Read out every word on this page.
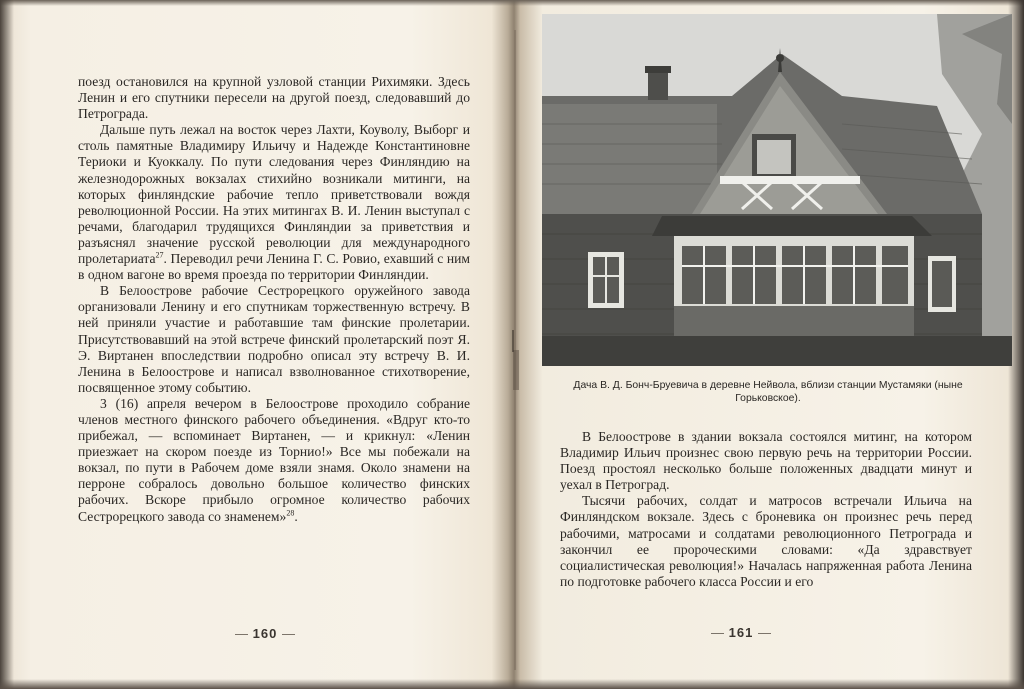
поезд остановился на крупной узловой станции Рихимяки. Здесь Ленин и его спутники пересели на другой поезд, следовавший до Петрограда.

Дальше путь лежал на восток через Лахти, Коуволу, Выборг и столь памятные Владимиру Ильичу и Надежде Константиновне Териоки и Куоккалу. По пути следования через Финляндию на железнодорожных вокзалах стихийно возникали митинги, на которых финляндские рабочие тепло приветствовали вождя революционной России. На этих митингах В. И. Ленин выступал с речами, благодарил трудящихся Финляндии за приветствия и разъяснял значение русской революции для международного пролетариата$^{27}$. Переводил речи Ленина Г. С. Ровио, ехавший с ним в одном вагоне во время проезда по территории Финляндии.

В Белоострове рабочие Сестрорецкого оружейного завода организовали Ленину и его спутникам торжественную встречу. В ней приняли участие и работавшие там финские пролетарии. Присутствовавший на этой встрече финский пролетарский поэт Я. Э. Виртанен впоследствии подробно описал эту встречу В. И. Ленина в Белоострове и написал взволнованное стихотворение, посвященное этому событию.

3 (16) апреля вечером в Белоострове проходило собрание членов местного финского рабочего объединения. «Вдруг кто-то прибежал, — вспоминает Виртанен, — и крикнул: «Ленин приезжает на скором поезде из Торнио!» Все мы побежали на вокзал, по пути в Рабочем доме взяли знамя. Около знамени на перроне собралось довольно большое количество финских рабочих. Вскоре прибыло огромное количество рабочих Сестрорецкого завода со знаменем»$^{28}$.

— 160 —
Дача В. Д. Бонч-Бруевича в деревне Нейвола, вблизи станции Мустамяки (ныне Горьковское).

В Белоострове в здании вокзала состоялся митинг, на котором Владимир Ильич произнес свою первую речь на территории России. Поезд простоял несколько больше положенных двадцати минут и уехал в Петроград.

Тысячи рабочих, солдат и матросов встречали Ильича на Финляндском вокзале. Здесь с броневика он произнес речь перед рабочими, матросами и солдатами революционного Петрограда и закончил ее пророческими словами: «Да здравствует социалистическая революция!» Началась напряженная работа Ленина по подготовке рабочего класса России и его

— 161 —
